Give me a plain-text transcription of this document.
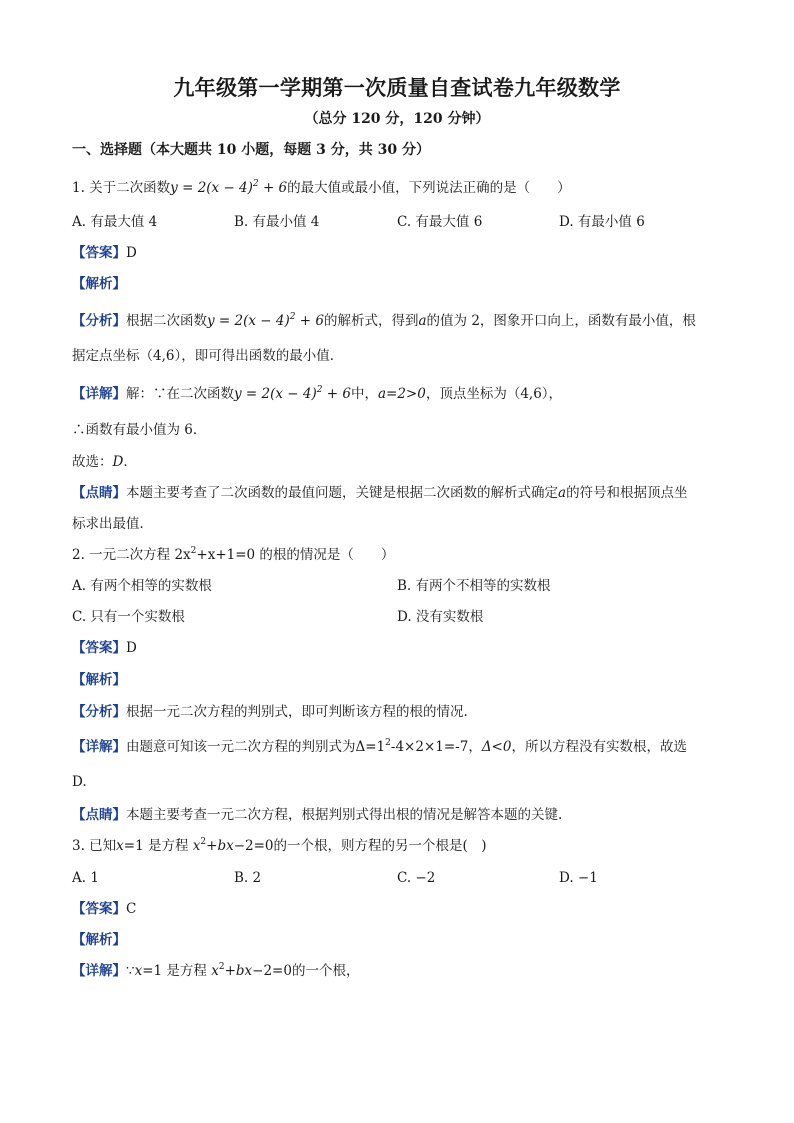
九年级第一学期第一次质量自查试卷九年级数学
（总分 120 分，120 分钟）
一、选择题（本大题共 10 小题，每题 3 分，共 30 分）
1. 关于二次函数$y = 2(x - 4)^2 + 6$的最大值或最小值，下列说法正确的是（　　）
A. 有最大值 4	B. 有最小值 4	C. 有最大值 6	D. 有最小值 6
【答案】D
【解析】
【分析】根据二次函数$y = 2(x - 4)^2 + 6$的解析式，得到a的值为 2，图象开口向上，函数有最小值，根
据定点坐标（4,6），即可得出函数的最小值．
【详解】解：∵在二次函数$y = 2(x - 4)^2 + 6$中，a=2>0，顶点坐标为（4,6），
∴函数有最小值为 6．
故选：D．
【点睛】本题主要考查了二次函数的最值问题，关键是根据二次函数的解析式确定a的符号和根据顶点坐
标求出最值．
2. 一元二次方程 $2x^2+x+1=0$ 的根的情况是（　　）
A. 有两个相等的实数根	B. 有两个不相等的实数根
C. 只有一个实数根	D. 没有实数根
【答案】D
【解析】
【分析】根据一元二次方程的判别式，即可判断该方程的根的情况.
【详解】由题意可知该一元二次方程的判别式为$\Delta=1^2-4\times 2\times 1=-7$，Δ<0，所以方程没有实数根，故选
D.
【点睛】本题主要考查一元二次方程，根据判别式得出根的情况是解答本题的关键.
3. 已知x=1 是方程 $x^2+bx-2=0$的一个根，则方程的另一个根是(　)
A. 1	B. 2	C. −2	D. −1
【答案】C
【解析】
【详解】∵x=1 是方程 $x^2+bx-2=0$的一个根，
